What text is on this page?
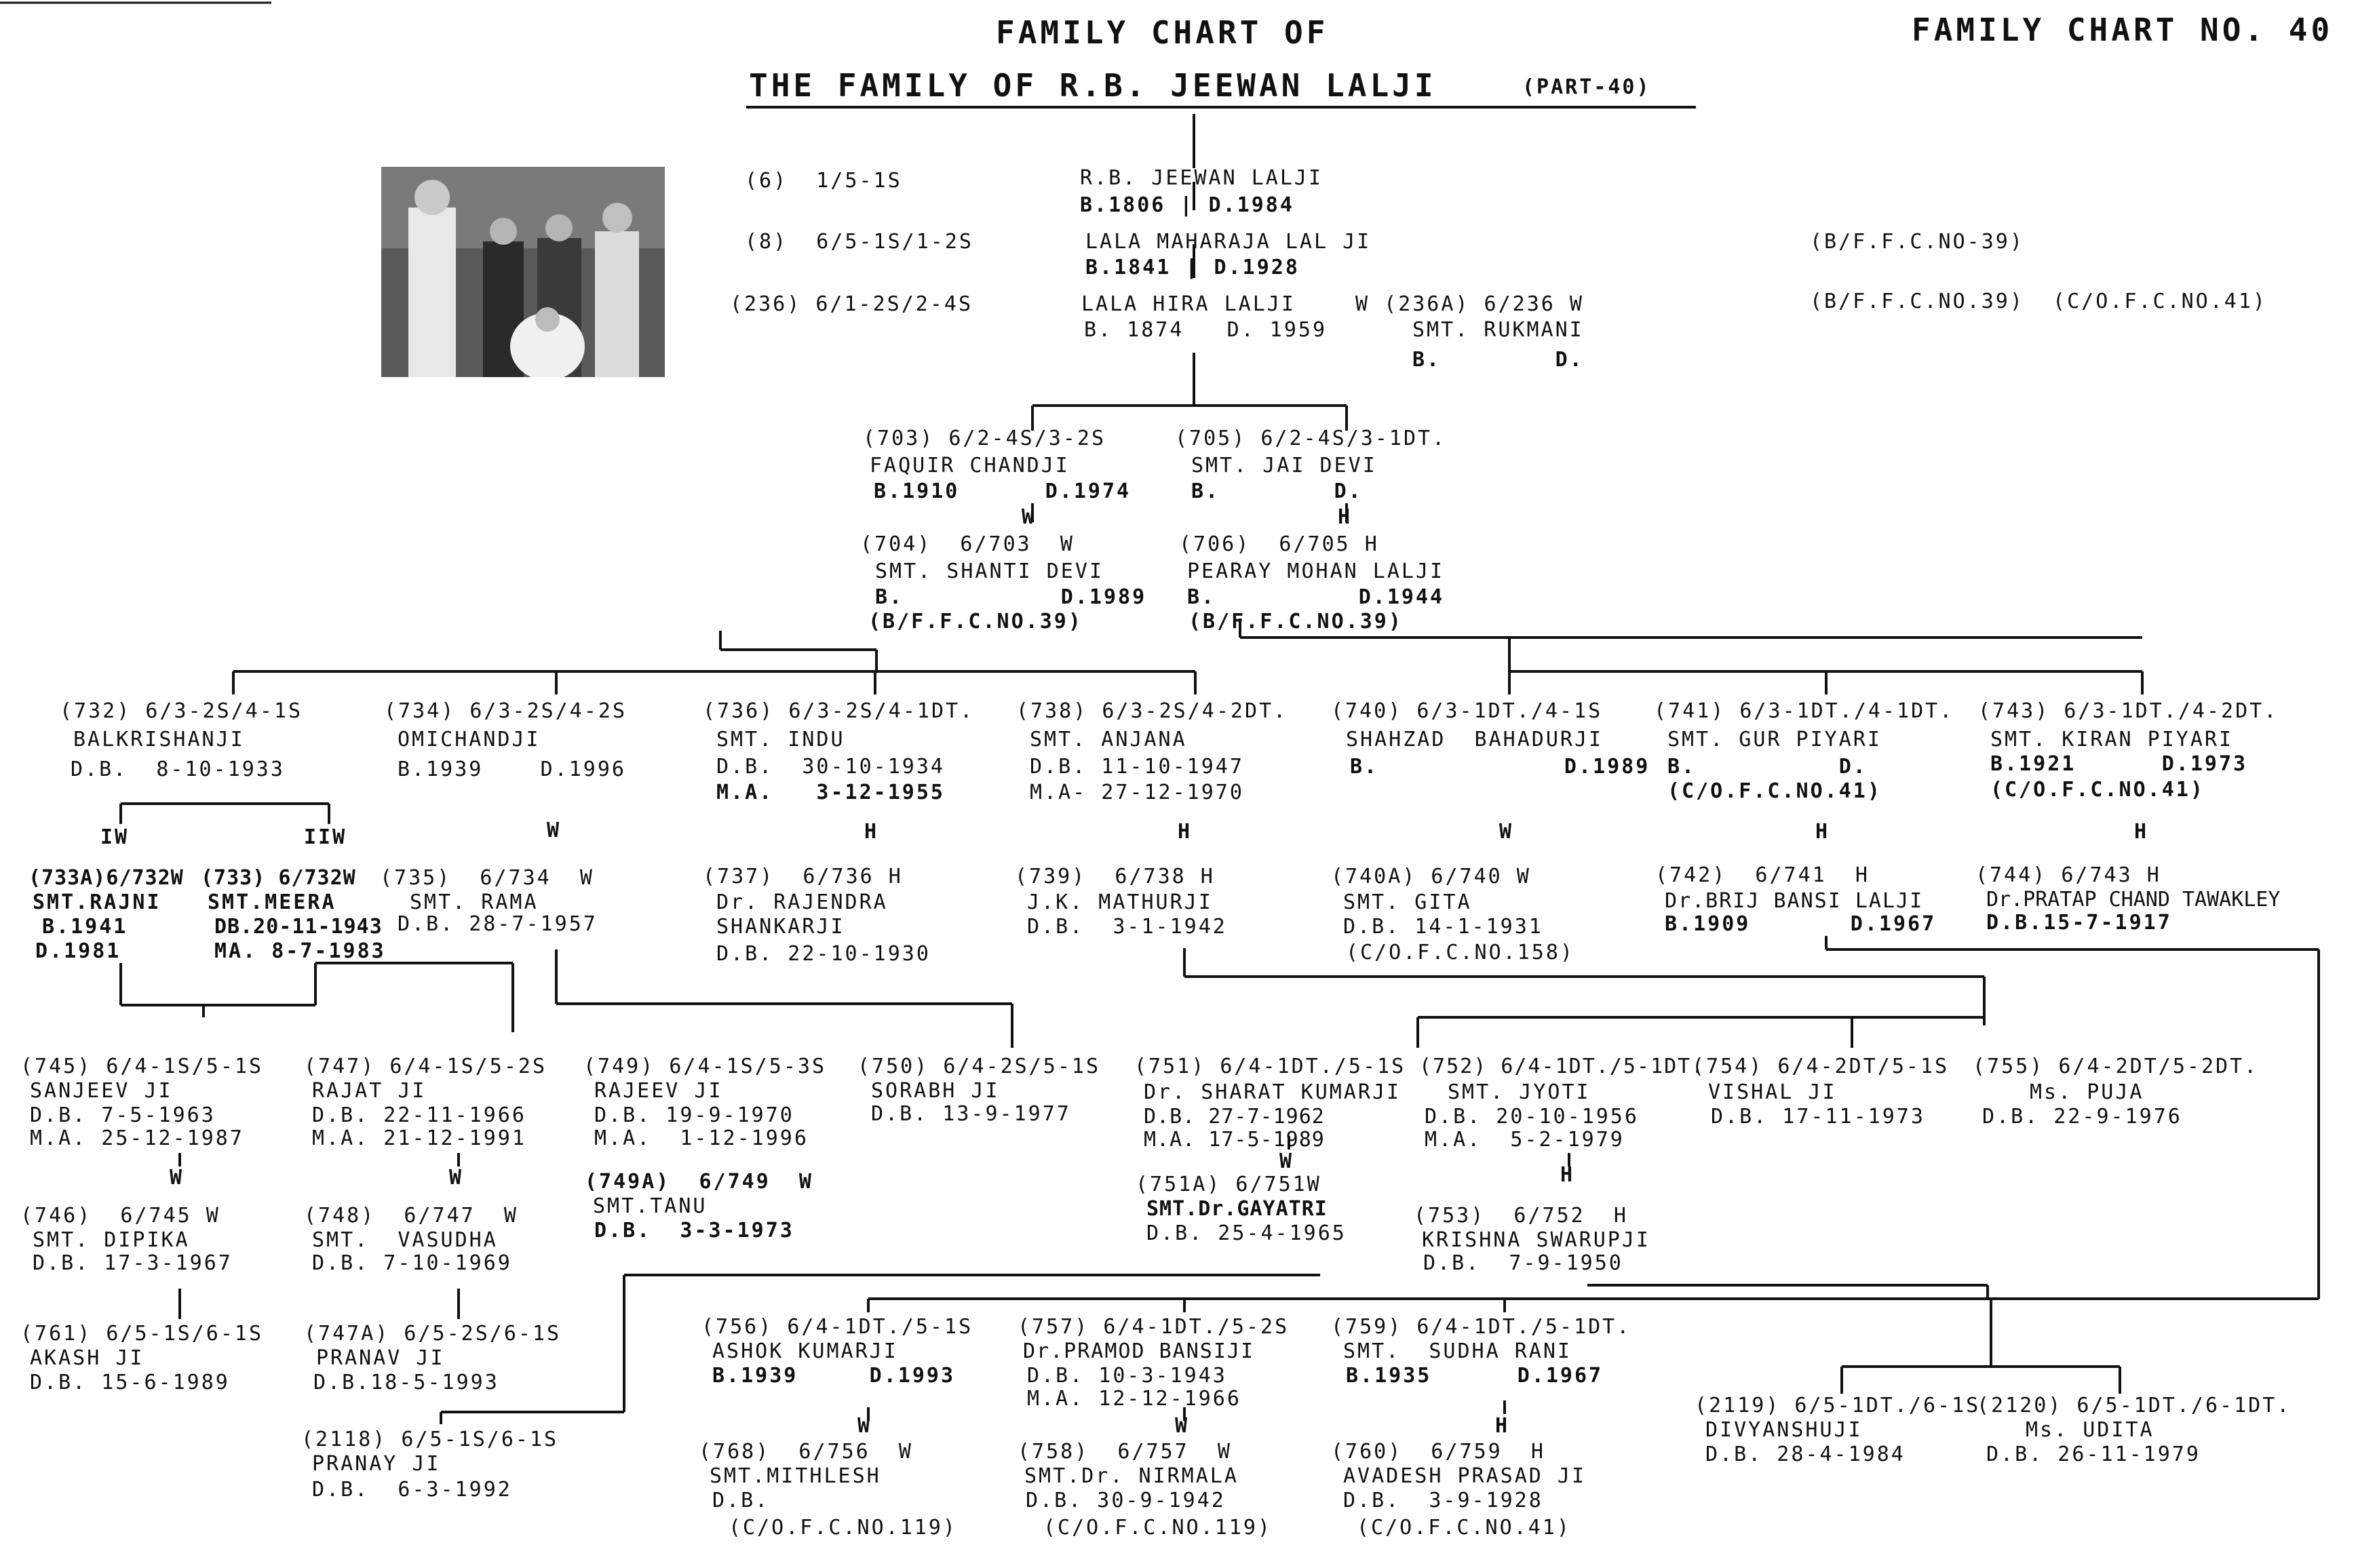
FAMILY CHART OF
THE FAMILY OF R.B. JEEWAN LALJI	(PART-40)
FAMILY CHART NO. 40
(6)  1/5-1S	R.B. JEEWAN LALJI
B.1806 | D.1984
(8)  6/5-1S/1-2S	LALA MAHARAJA LAL JI
B.1841 | D.1928
(B/F.F.C.NO-39)
(236) 6/1-2S/2-4S	LALA HIRA LALJI
B. 1874   D. 1959
W (236A) 6/236 W
SMT. RUKMANI
B.        D.
(B/F.F.C.NO.39)  (C/O.F.C.NO.41)
(703) 6/2-4S/3-2S
FAQUIR CHANDJI
B.1910      D.1974
W
(704)  6/703  W
SMT. SHANTI DEVI
B.           D.1989
(B/F.F.C.NO.39)
(705) 6/2-4S/3-1DT.
SMT. JAI DEVI
B.        D.
H
(706)  6/705 H
PEARAY MOHAN LALJI
B.          D.1944
(B/F.F.C.NO.39)
(732) 6/3-2S/4-1S
BALKRISHANJI
D.B.  8-10-1933
(734) 6/3-2S/4-2S
OMICHANDJI
B.1939    D.1996
(736) 6/3-2S/4-1DT.
SMT. INDU
D.B.  30-10-1934
M.A.   3-12-1955
(738) 6/3-2S/4-2DT.
SMT. ANJANA
D.B. 11-10-1947
M.A- 27-12-1970
(740) 6/3-1DT./4-1S
SHAHZAD  BAHADURJI
B.             D.1989
(741) 6/3-1DT./4-1DT.
SMT. GUR PIYARI
B.          D.
(C/O.F.C.NO.41)
(743) 6/3-1DT./4-2DT.
SMT. KIRAN PIYARI
B.1921      D.1973
(C/O.F.C.NO.41)
IW	IIW	W	H	H	W	H	H
(733A)6/732W
SMT.RAJNI
B.1941
D.1981
(733) 6/732W
SMT.MEERA
DB.20-11-1943
MA. 8-7-1983
(735)  6/734  W
SMT. RAMA
D.B. 28-7-1957
(737)  6/736 H
Dr. RAJENDRA
SHANKARJI
D.B. 22-10-1930
(739)  6/738 H
J.K. MATHURJI
D.B.  3-1-1942
(740A) 6/740 W
SMT. GITA
D.B. 14-1-1931
(C/O.F.C.NO.158)
(742)  6/741  H
Dr.BRIJ BANSI LALJI
B.1909       D.1967
(744) 6/743 H
Dr.PRATAP CHAND TAWAKLEY
D.B.15-7-1917
(745) 6/4-1S/5-1S
SANJEEV JI
D.B. 7-5-1963
M.A. 25-12-1987
(747) 6/4-1S/5-2S
RAJAT JI
D.B. 22-11-1966
M.A. 21-12-1991
(749) 6/4-1S/5-3S
RAJEEV JI
D.B. 19-9-1970
M.A.  1-12-1996
(750) 6/4-2S/5-1S
SORABH JI
D.B. 13-9-1977
(751) 6/4-1DT./5-1S
Dr. SHARAT KUMARJI
D.B. 27-7-1962
M.A. 17-5-1989
W
(752) 6/4-1DT./5-1DT.
SMT. JYOTI
D.B. 20-10-1956
M.A.  5-2-1979
H
(754) 6/4-2DT/5-1S
VISHAL JI
D.B. 17-11-1973
(755) 6/4-2DT/5-2DT.
Ms. PUJA
D.B. 22-9-1976
W	W
(746)  6/745 W
SMT. DIPIKA
D.B. 17-3-1967
(748)  6/747  W
SMT.  VASUDHA
D.B. 7-10-1969
(749A)  6/749  W
SMT.TANU
D.B.  3-3-1973
(751A) 6/751W
SMT.Dr.GAYATRI
D.B. 25-4-1965
(753)  6/752  H
KRISHNA SWARUPJI
D.B.  7-9-1950
(761) 6/5-1S/6-1S
AKASH JI
D.B. 15-6-1989
(747A) 6/5-2S/6-1S
PRANAV JI
D.B.18-5-1993
(2118) 6/5-1S/6-1S
PRANAY JI
D.B.  6-3-1992
(756) 6/4-1DT./5-1S
ASHOK KUMARJI
B.1939     D.1993
W
(757) 6/4-1DT./5-2S
Dr.PRAMOD BANSIJI
D.B. 10-3-1943
M.A. 12-12-1966
W
(759) 6/4-1DT./5-1DT.
SMT.  SUDHA RANI
B.1935      D.1967
H
(2119) 6/5-1DT./6-1S
DIVYANSHUJI
D.B. 28-4-1984
(2120) 6/5-1DT./6-1DT.
Ms. UDITA
D.B. 26-11-1979
(768)  6/756  W
SMT.MITHLESH
D.B.
(C/O.F.C.NO.119)
(758)  6/757  W
SMT.Dr. NIRMALA
D.B. 30-9-1942
(C/O.F.C.NO.119)
(760)  6/759  H
AVADESH PRASAD JI
D.B.  3-9-1928
(C/O.F.C.NO.41)
